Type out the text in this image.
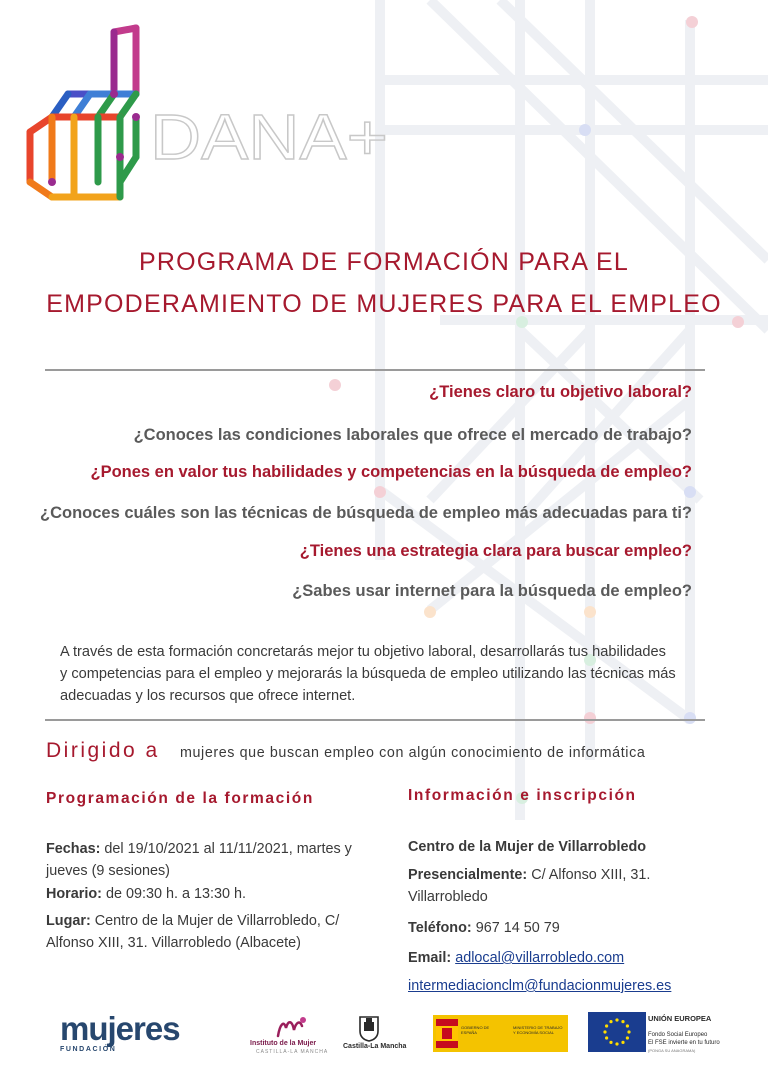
DANA+
PROGRAMA DE FORMACIÓN PARA EL
EMPODERAMIENTO DE MUJERES PARA EL EMPLEO
¿Tienes claro tu objetivo laboral?
¿Conoces las condiciones laborales que ofrece el mercado de trabajo?
¿Pones en valor tus habilidades y competencias en la búsqueda de empleo?
¿Conoces cuáles son las técnicas de búsqueda de empleo más adecuadas para ti?
¿Tienes una estrategia clara para buscar empleo?
¿Sabes usar internet para la búsqueda de empleo?
A través de esta formación concretarás mejor tu objetivo laboral, desarrollarás tus habilidades
y competencias para el empleo y mejorarás la búsqueda de empleo utilizando las técnicas más
adecuadas y los recursos que ofrece internet.
Dirigido a mujeres que buscan empleo con algún conocimiento de informática
Programación de la formación
Fechas: del 19/10/2021 al 11/11/2021, martes y jueves (9 sesiones)
Horario: de 09:30 h. a 13:30 h.
Lugar: Centro de la Mujer de Villarrobledo, C/ Alfonso XIII, 31. Villarrobledo (Albacete)
Información e inscripción
Centro de la Mujer de Villarrobledo
Presencialmente: C/ Alfonso XIII, 31. Villarrobledo
Teléfono: 967 14 50 79
Email: adlocal@villarrobledo.com
intermediacionclm@fundacionmujeres.es
mujeres
FUNDACIÓN
Instituto de la Mujer
CASTILLA-LA MANCHA
Castilla-La Mancha
GOBIERNO DE ESPAÑA
MINISTERIO DE TRABAJO Y ECONOMÍA SOCIAL
UNIÓN EUROPEA
Fondo Social Europeo
El FSE invierte en tu futuro
(PONGA SU ANAGRAMA)
